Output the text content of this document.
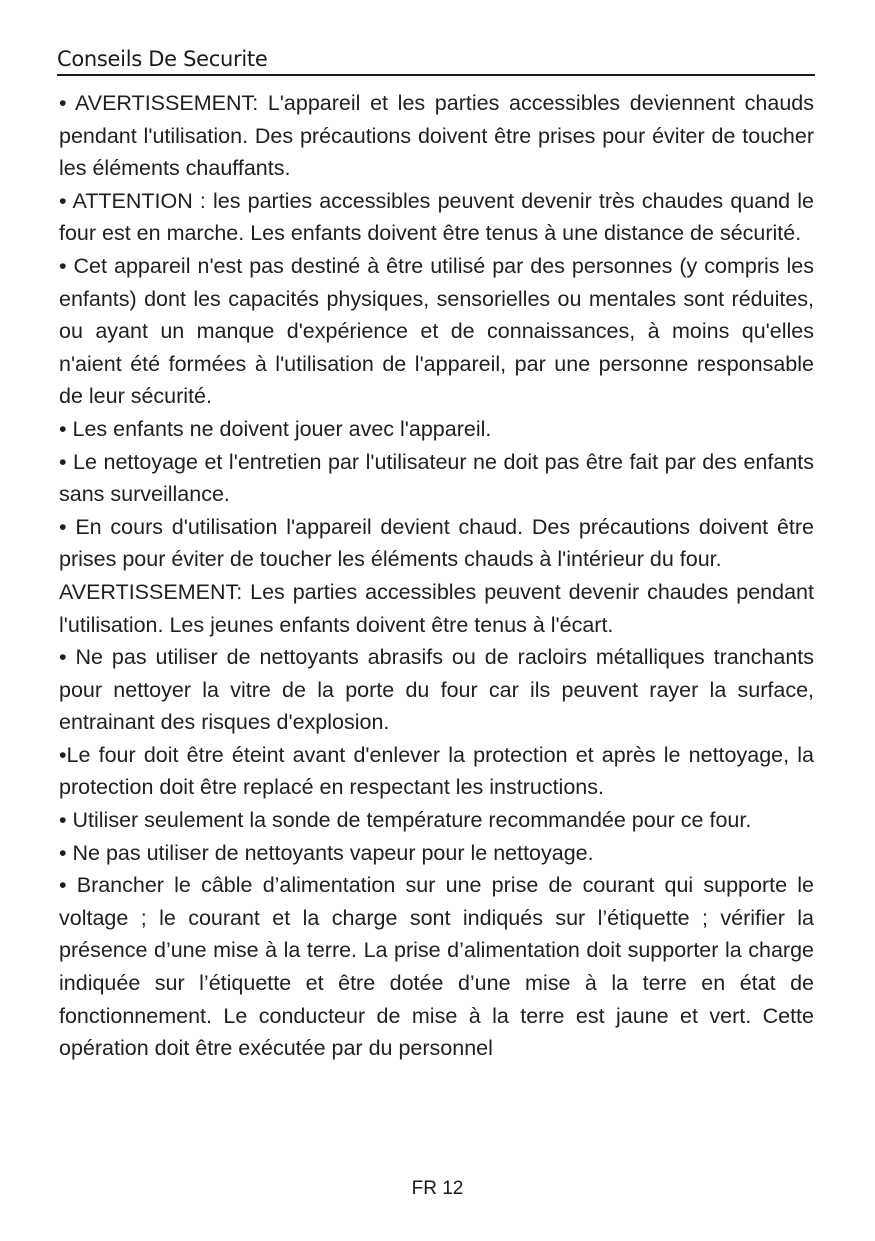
Conseils De Securite

• AVERTISSEMENT: L'appareil et les parties accessibles deviennent chauds pendant l'utilisation. Des précautions doivent être prises pour éviter de toucher les éléments chauffants.

• ATTENTION : les parties accessibles peuvent devenir très chaudes quand le four est en marche. Les enfants doivent être tenus à une distance de sécurité.

• Cet appareil n'est pas destiné à être utilisé par des personnes (y compris les enfants) dont les capacités physiques, sensorielles ou mentales sont réduites, ou ayant un manque d'expérience et de connaissances, à moins qu'elles n'aient été formées à l'utilisation de l'appareil, par une personne responsable de leur sécurité.

• Les enfants ne doivent jouer avec l'appareil.

• Le nettoyage et l'entretien par l'utilisateur ne doit pas être fait par des enfants sans surveillance.

• En cours d'utilisation l'appareil devient chaud. Des précautions doivent être prises pour éviter de toucher les éléments chauds à l'intérieur du four.

AVERTISSEMENT: Les parties accessibles peuvent devenir chaudes pendant l'utilisation. Les jeunes enfants doivent être tenus à l'écart.

• Ne pas utiliser de nettoyants abrasifs ou de racloirs métalliques tranchants pour nettoyer la vitre de la porte du four car ils peuvent rayer la surface, entrainant des risques d'explosion.

•Le four doit être éteint avant d'enlever la protection et après le nettoyage, la protection doit être replacé en respectant les instructions.

• Utiliser seulement la sonde de température recommandée pour ce four.

• Ne pas utiliser de nettoyants vapeur pour le nettoyage.

• Brancher le câble d’alimentation sur une prise de courant qui supporte le voltage ; le courant et la charge sont indiqués sur l’étiquette ; vérifier la présence d’une mise à la terre. La prise d’alimentation doit supporter la charge indiquée sur l’étiquette et être dotée d’une mise à la terre en état de fonctionnement. Le conducteur de mise à la terre est jaune et vert. Cette opération doit être exécutée par du personnel

FR 12
